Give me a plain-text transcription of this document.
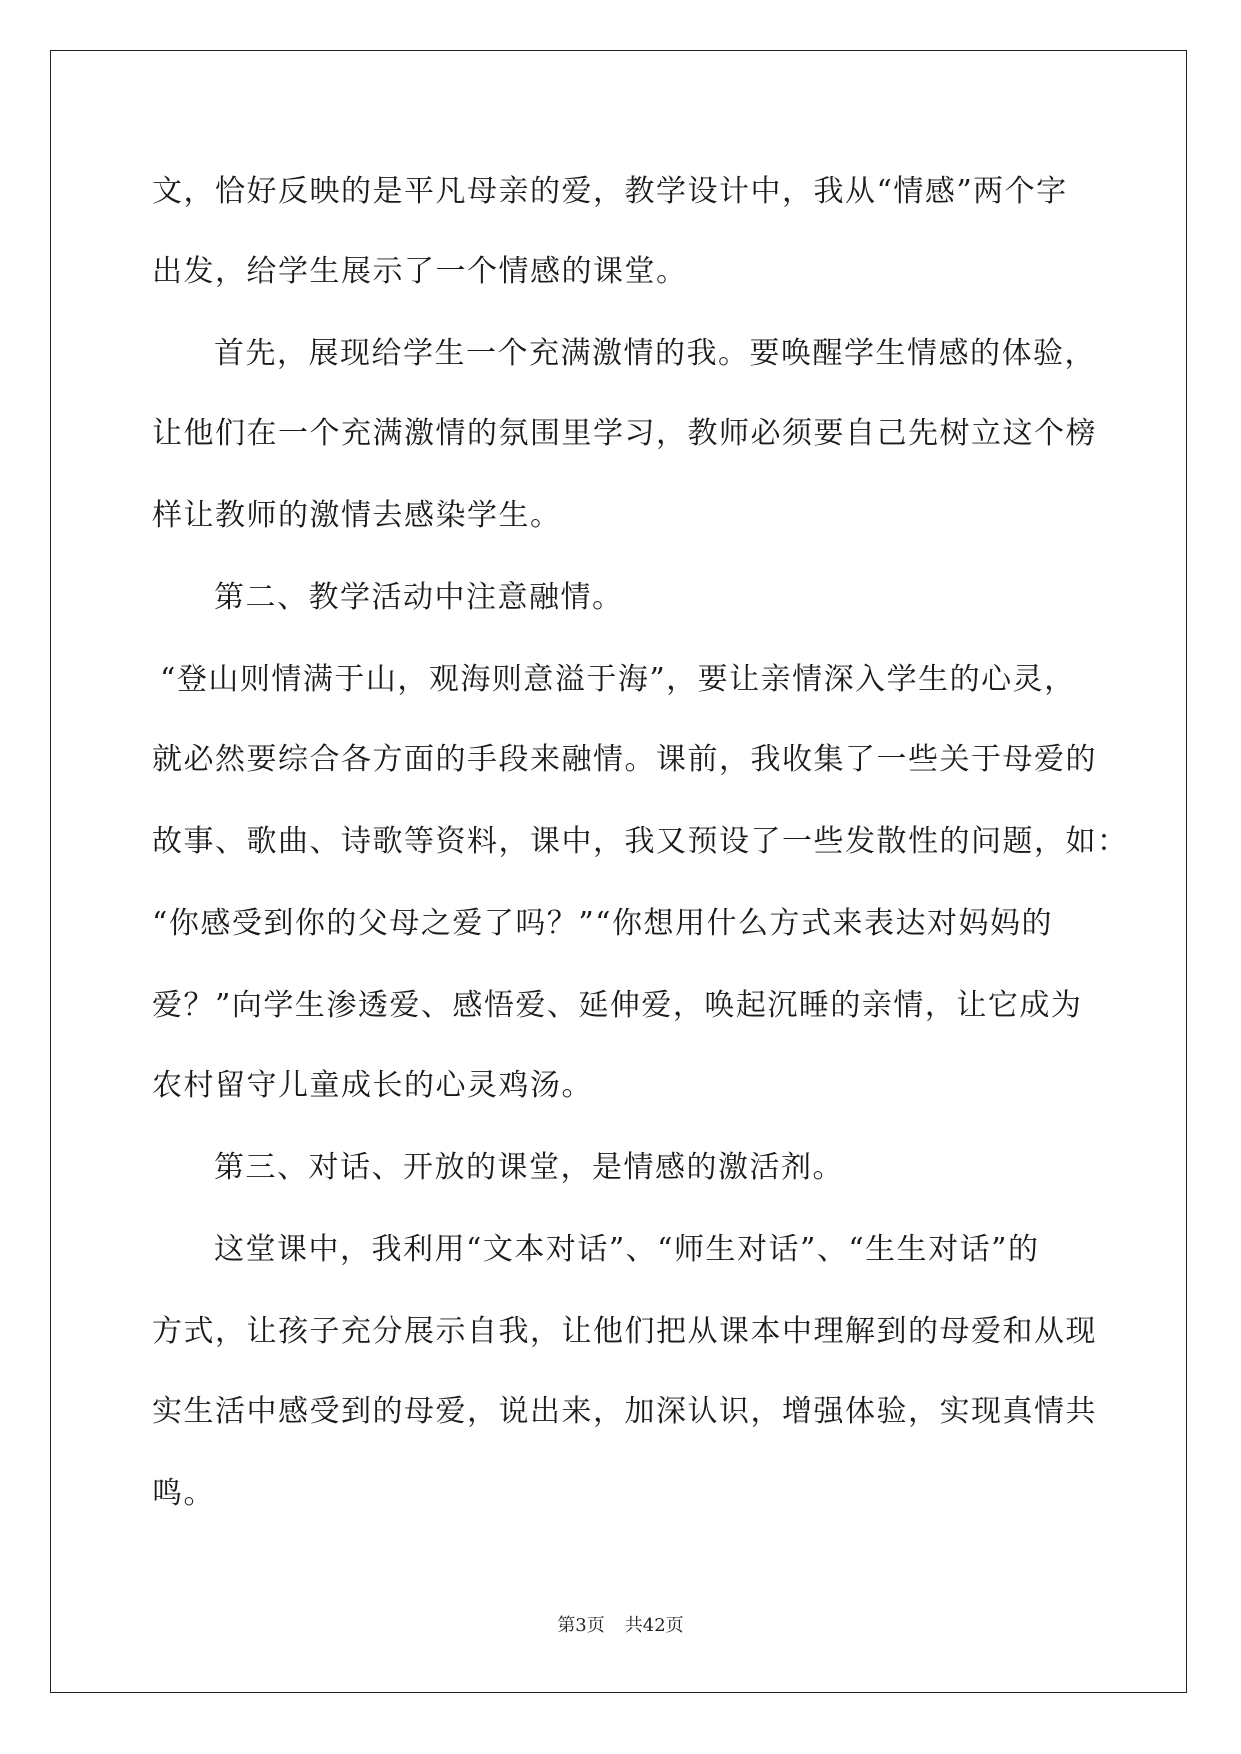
文，恰好反映的是平凡母亲的爱，教学设计中，我从“情感”两个字
出发，给学生展示了一个情感的课堂。
首先，展现给学生一个充满激情的我。要唤醒学生情感的体验，
让他们在一个充满激情的氛围里学习，教师必须要自己先树立这个榜
样让教师的激情去感染学生。
第二、教学活动中注意融情。
“登山则情满于山，观海则意溢于海”，要让亲情深入学生的心灵，
就必然要综合各方面的手段来融情。课前，我收集了一些关于母爱的
故事、歌曲、诗歌等资料，课中，我又预设了一些发散性的问题，如：
“你感受到你的父母之爱了吗？”“你想用什么方式来表达对妈妈的
爱？”向学生渗透爱、感悟爱、延伸爱，唤起沉睡的亲情，让它成为
农村留守儿童成长的心灵鸡汤。
第三、对话、开放的课堂，是情感的激活剂。
这堂课中，我利用“文本对话”、“师生对话”、“生生对话”的
方式，让孩子充分展示自我，让他们把从课本中理解到的母爱和从现
实生活中感受到的母爱，说出来，加深认识，增强体验，实现真情共
鸣。
第3页 共42页
